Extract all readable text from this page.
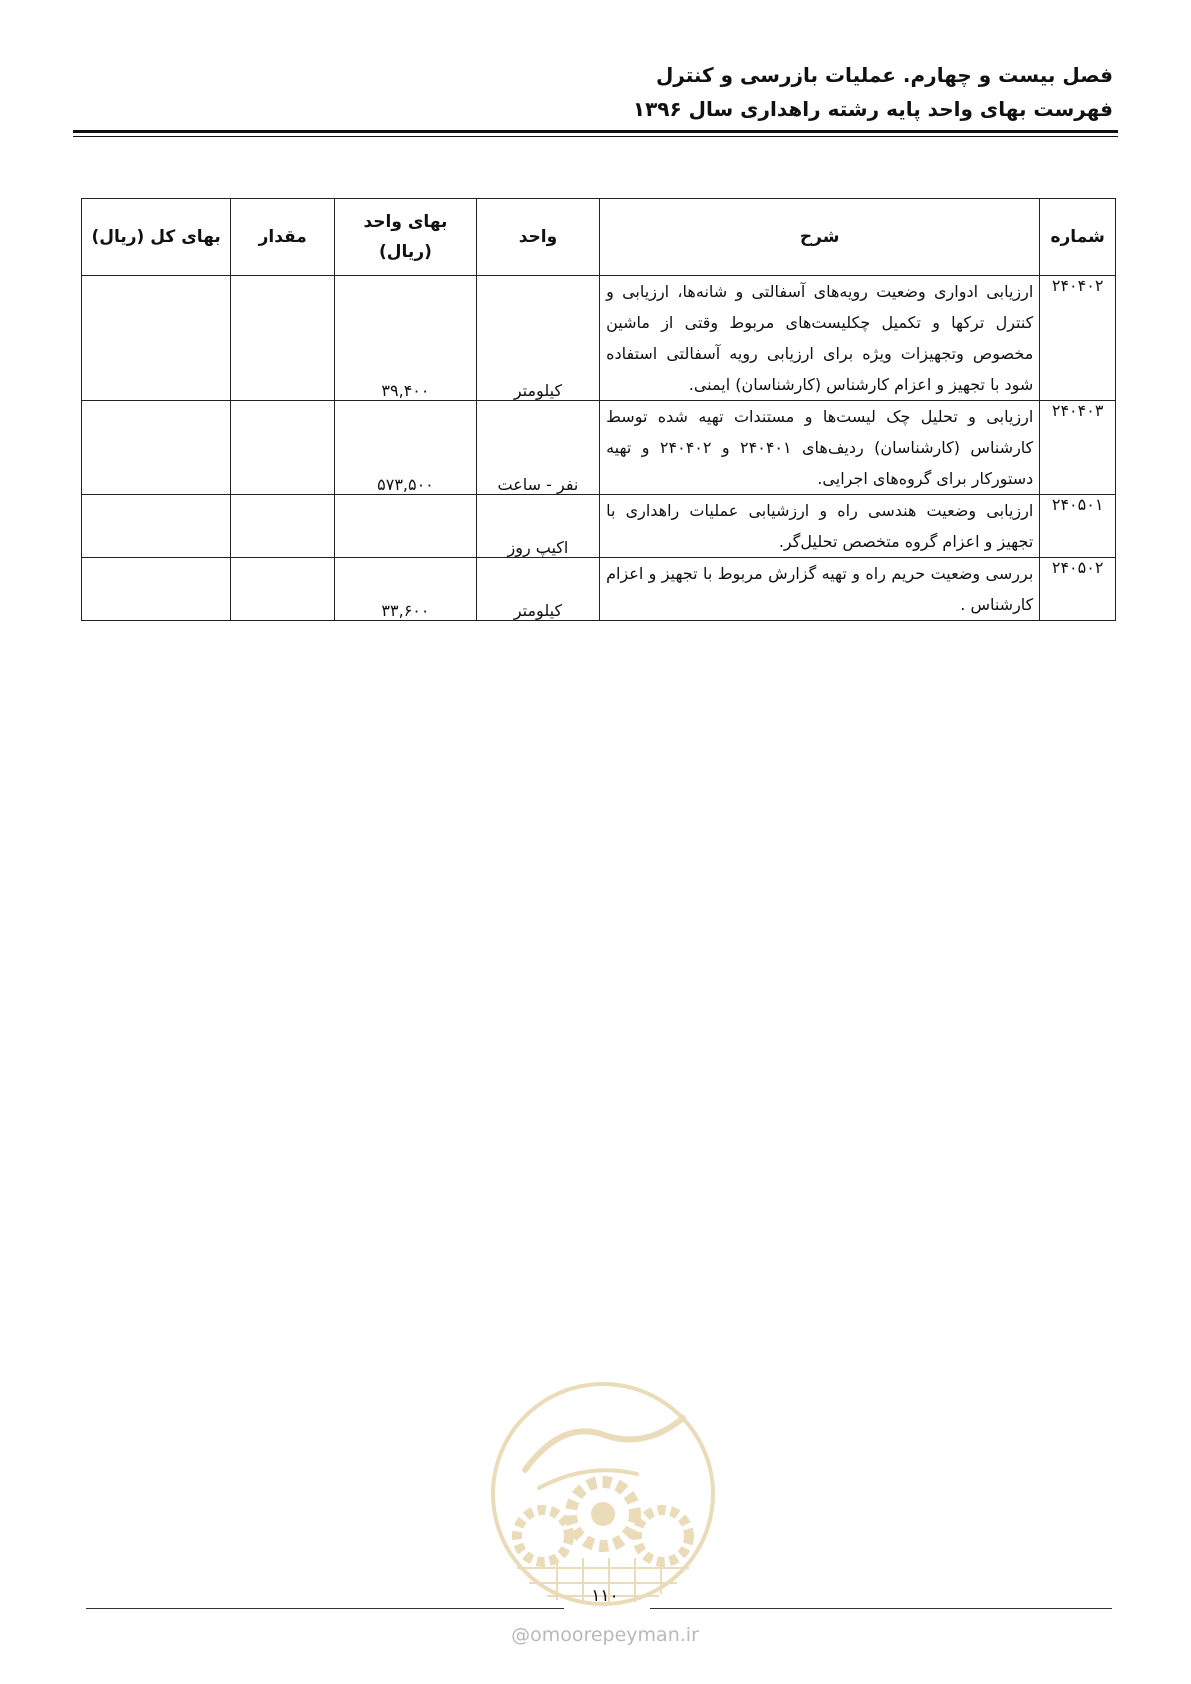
فصل بیست و چهارم. عملیات بازرسی و کنترل
فهرست بهای واحد پایه رشته راهداری سال ۱۳۹۶
شماره	شرح	واحد	بهای واحد (ریال)	مقدار	بهای کل (ریال)
۲۴۰۴۰۲	ارزیابی ادواری وضعیت رویه‌های آسفالتی و شانه‌ها، ارزیابی و کنترل ترکها و تکمیل چکلیست‌های مربوط وقتی از ماشین مخصوص وتجهیزات ویژه برای ارزیابی رویه آسفالتی استفاده شود با تجهیز و اعزام کارشناس (کارشناسان) ایمنی.	کیلومتر	۳۹,۴۰۰		
۲۴۰۴۰۳	ارزیابی و تحلیل چک لیست‌ها و مستندات تهیه شده توسط کارشناس (کارشناسان) ردیف‌های ۲۴۰۴۰۱ و ۲۴۰۴۰۲ و تهیه دستورکار برای گروه‌های اجرایی.	نفر - ساعت	۵۷۳,۵۰۰		
۲۴۰۵۰۱	ارزیابی وضعیت هندسی راه و ارزشیابی عملیات راهداری با تجهیز و اعزام گروه متخصص تحلیل‌گر.	اکیپ روز			
۲۴۰۵۰۲	بررسی وضعیت حریم راه و تهیه گزارش مربوط با تجهیز و اعزام کارشناس .	کیلومتر	۳۳,۶۰۰		
۱۱۰
@omoorepeyman.ir
